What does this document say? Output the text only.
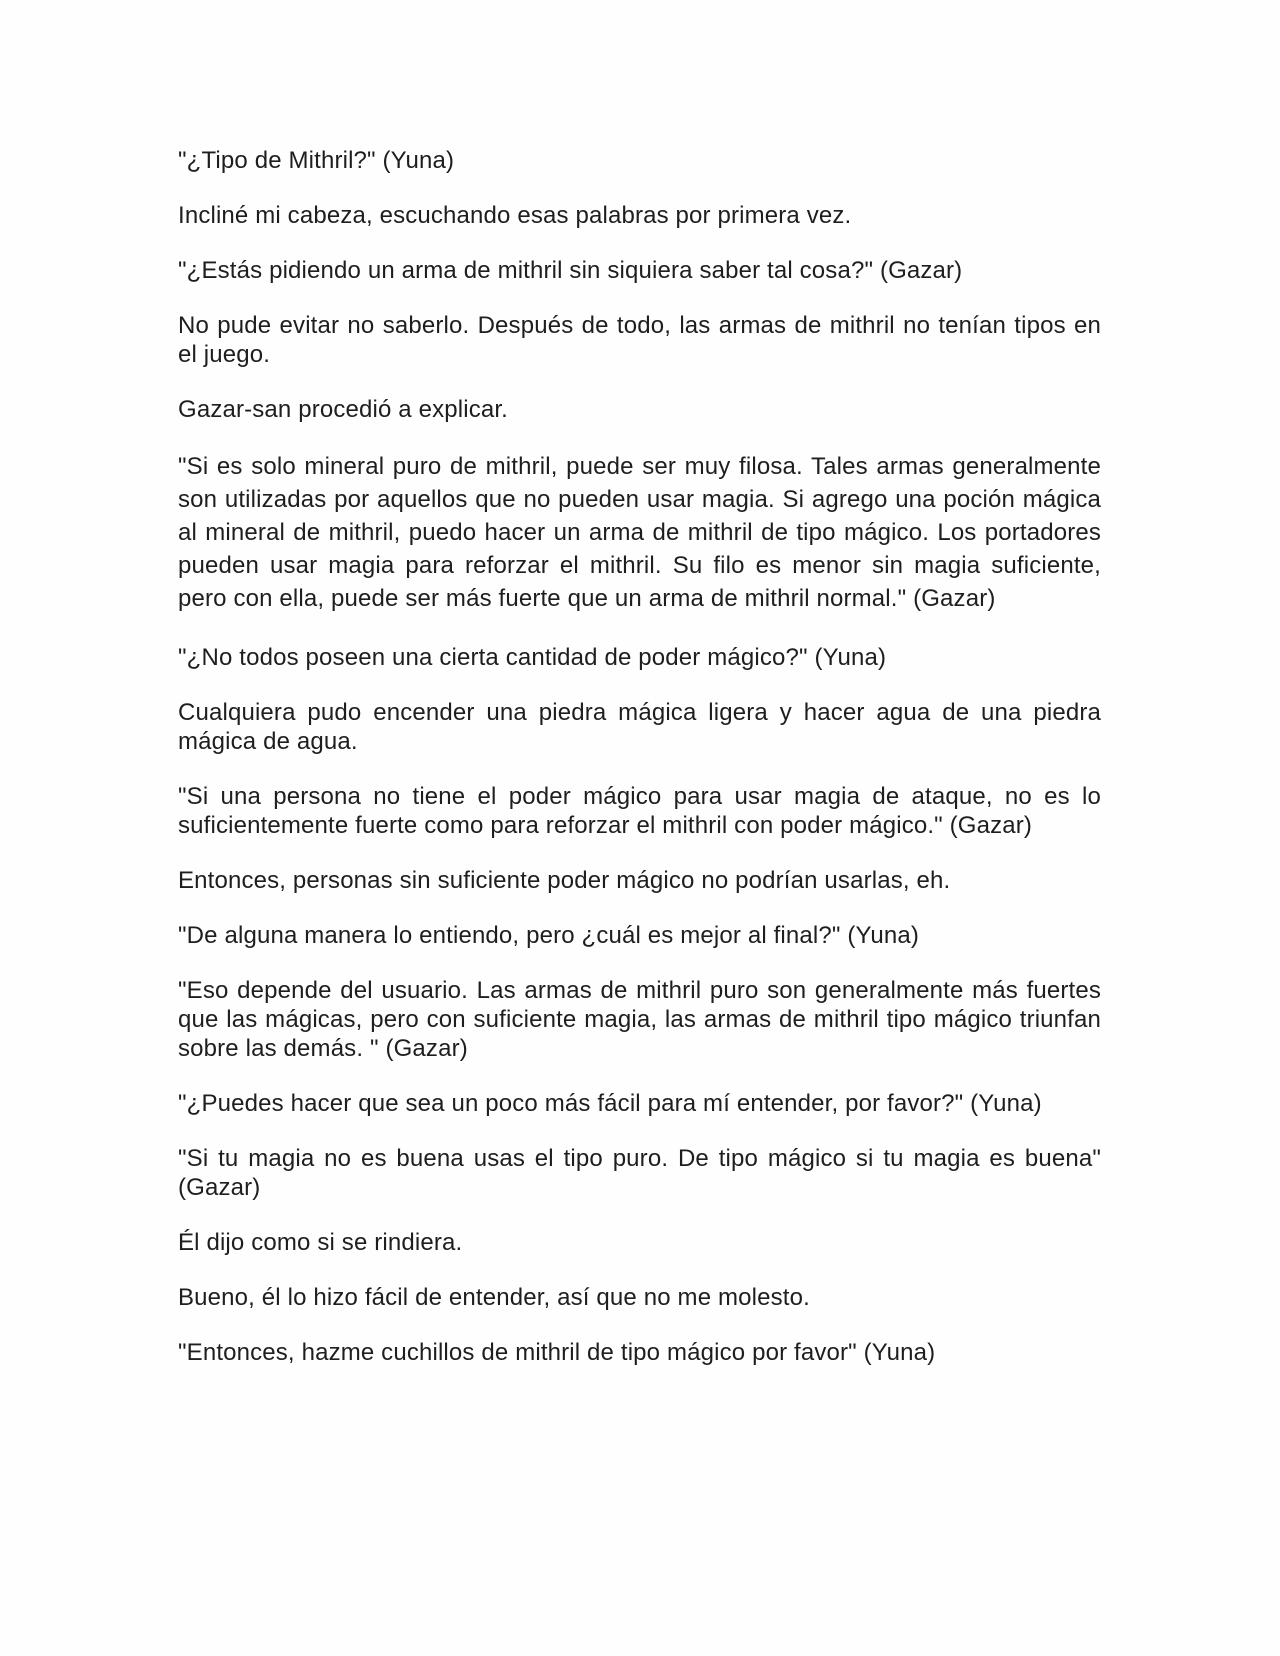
"¿Tipo de Mithril?" (Yuna)

Incliné mi cabeza, escuchando esas palabras por primera vez.

"¿Estás pidiendo un arma de mithril sin siquiera saber tal cosa?" (Gazar)

No pude evitar no saberlo. Después de todo, las armas de mithril no tenían tipos en el juego.

Gazar-san procedió a explicar.

"Si es solo mineral puro de mithril, puede ser muy filosa. Tales armas generalmente son utilizadas por aquellos que no pueden usar magia. Si agrego una poción mágica al mineral de mithril, puedo hacer un arma de mithril de tipo mágico. Los portadores pueden usar magia para reforzar el mithril. Su filo es menor sin magia suficiente, pero con ella, puede ser más fuerte que un arma de mithril normal." (Gazar)

"¿No todos poseen una cierta cantidad de poder mágico?" (Yuna)

Cualquiera pudo encender una piedra mágica ligera y hacer agua de una piedra mágica de agua.

"Si una persona no tiene el poder mágico para usar magia de ataque, no es lo suficientemente fuerte como para reforzar el mithril con poder mágico." (Gazar)

Entonces, personas sin suficiente poder mágico no podrían usarlas, eh.

"De alguna manera lo entiendo, pero ¿cuál es mejor al final?" (Yuna)

"Eso depende del usuario. Las armas de mithril puro son generalmente más fuertes que las mágicas, pero con suficiente magia, las armas de mithril tipo mágico triunfan sobre las demás. " (Gazar)

"¿Puedes hacer que sea un poco más fácil para mí entender, por favor?" (Yuna)

"Si tu magia no es buena usas el tipo puro. De tipo mágico si tu magia es buena" (Gazar)

Él dijo como si se rindiera.

Bueno, él lo hizo fácil de entender, así que no me molesto.

"Entonces, hazme cuchillos de mithril de tipo mágico por favor" (Yuna)
